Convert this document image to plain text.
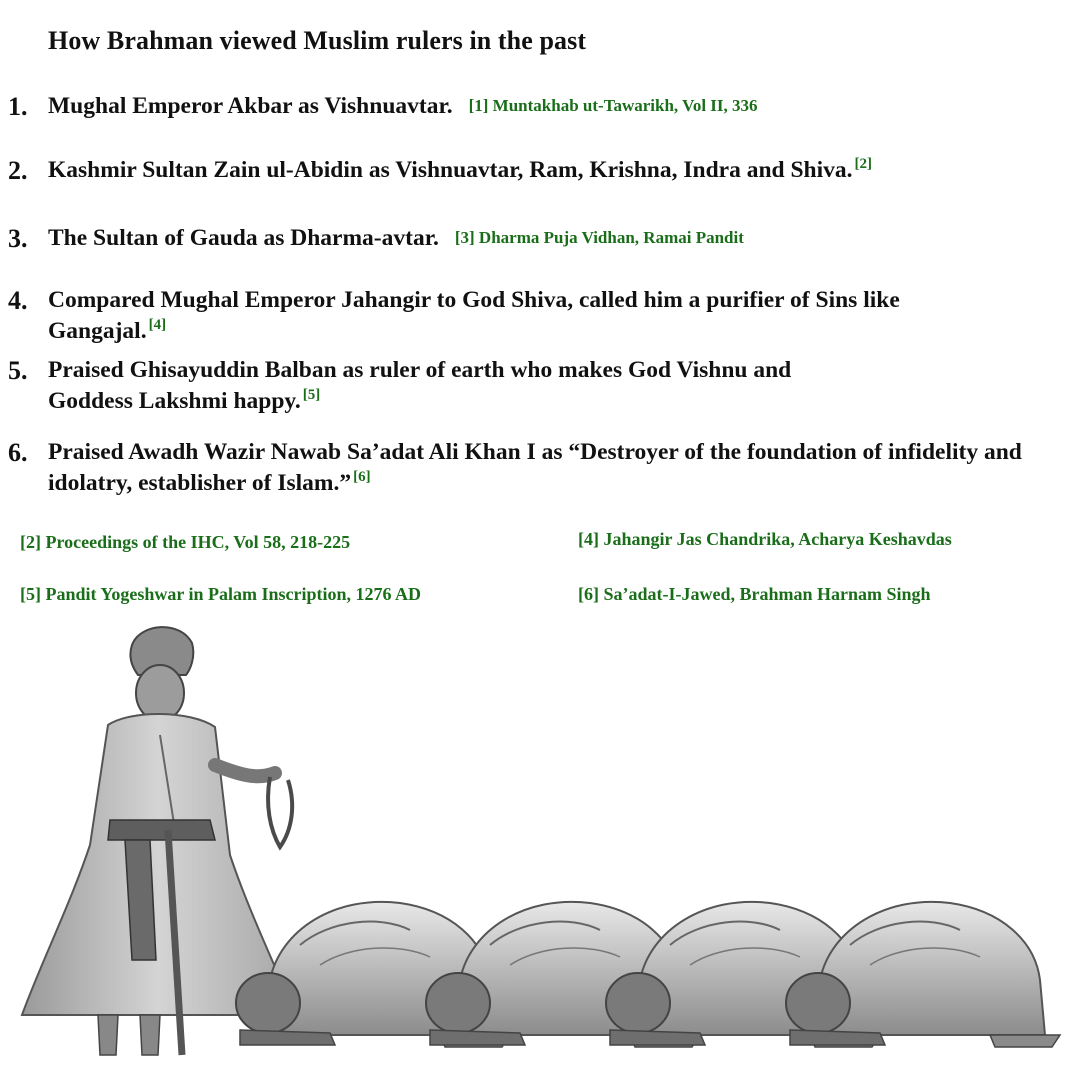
How Brahman viewed Muslim rulers in the past
1. Mughal Emperor Akbar as Vishnuavtar. [1] Muntakhab ut-Tawarikh, Vol II, 336
2. Kashmir Sultan Zain ul-Abidin as Vishnuavtar, Ram, Krishna, Indra and Shiva. [2]
3. The Sultan of Gauda as Dharma-avtar. [3] Dharma Puja Vidhan, Ramai Pandit
4. Compared Mughal Emperor Jahangir to God Shiva, called him a purifier of Sins like Gangajal. [4]
5. Praised Ghisayuddin Balban as ruler of earth who makes God Vishnu and Goddess Lakshmi happy. [5]
6. Praised Awadh Wazir Nawab Sa’adat Ali Khan I as “Destroyer of the foundation of infidelity and idolatry, establisher of Islam.” [6]
[2] Proceedings of the IHC, Vol 58, 218-225	[4] Jahangir Jas Chandrika, Acharya Keshavdas
[5] Pandit Yogeshwar in Palam Inscription, 1276 AD	[6] Sa’adat-I-Jawed, Brahman Harnam Singh
